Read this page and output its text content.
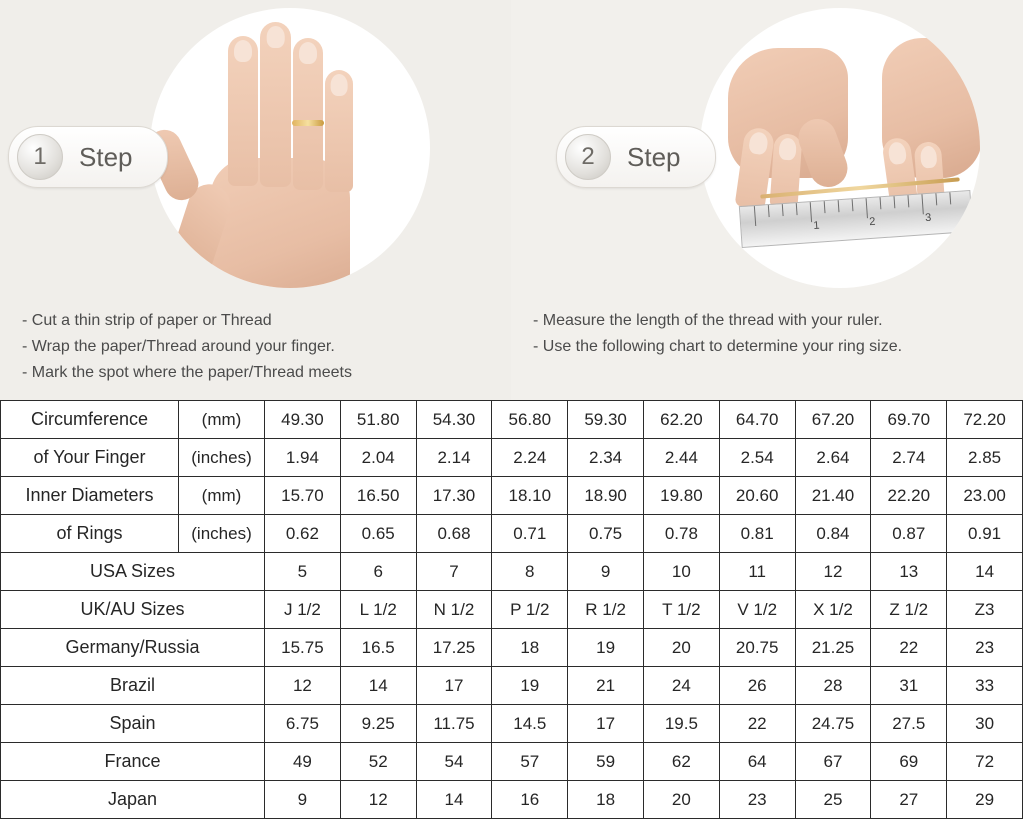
1	Step
- Cut a thin strip of paper or Thread
- Wrap the paper/Thread around your finger.
- Mark the spot where the paper/Thread meets
1	2	3
2	Step
- Measure the length of the thread with your ruler.
- Use the following chart to determine your ring size.
Circumference	(mm)	49.30	51.80	54.30	56.80	59.30	62.20	64.70	67.20	69.70	72.20
of Your Finger	(inches)	1.94	2.04	2.14	2.24	2.34	2.44	2.54	2.64	2.74	2.85
Inner Diameters	(mm)	15.70	16.50	17.30	18.10	18.90	19.80	20.60	21.40	22.20	23.00
of Rings	(inches)	0.62	0.65	0.68	0.71	0.75	0.78	0.81	0.84	0.87	0.91
USA Sizes		5	6	7	8	9	10	11	12	13	14
UK/AU Sizes		J 1/2	L 1/2	N 1/2	P 1/2	R 1/2	T 1/2	V 1/2	X 1/2	Z 1/2	Z3
Germany/Russia		15.75	16.5	17.25	18	19	20	20.75	21.25	22	23
Brazil		12	14	17	19	21	24	26	28	31	33
Spain		6.75	9.25	11.75	14.5	17	19.5	22	24.75	27.5	30
France		49	52	54	57	59	62	64	67	69	72
Japan		9	12	14	16	18	20	23	25	27	29
